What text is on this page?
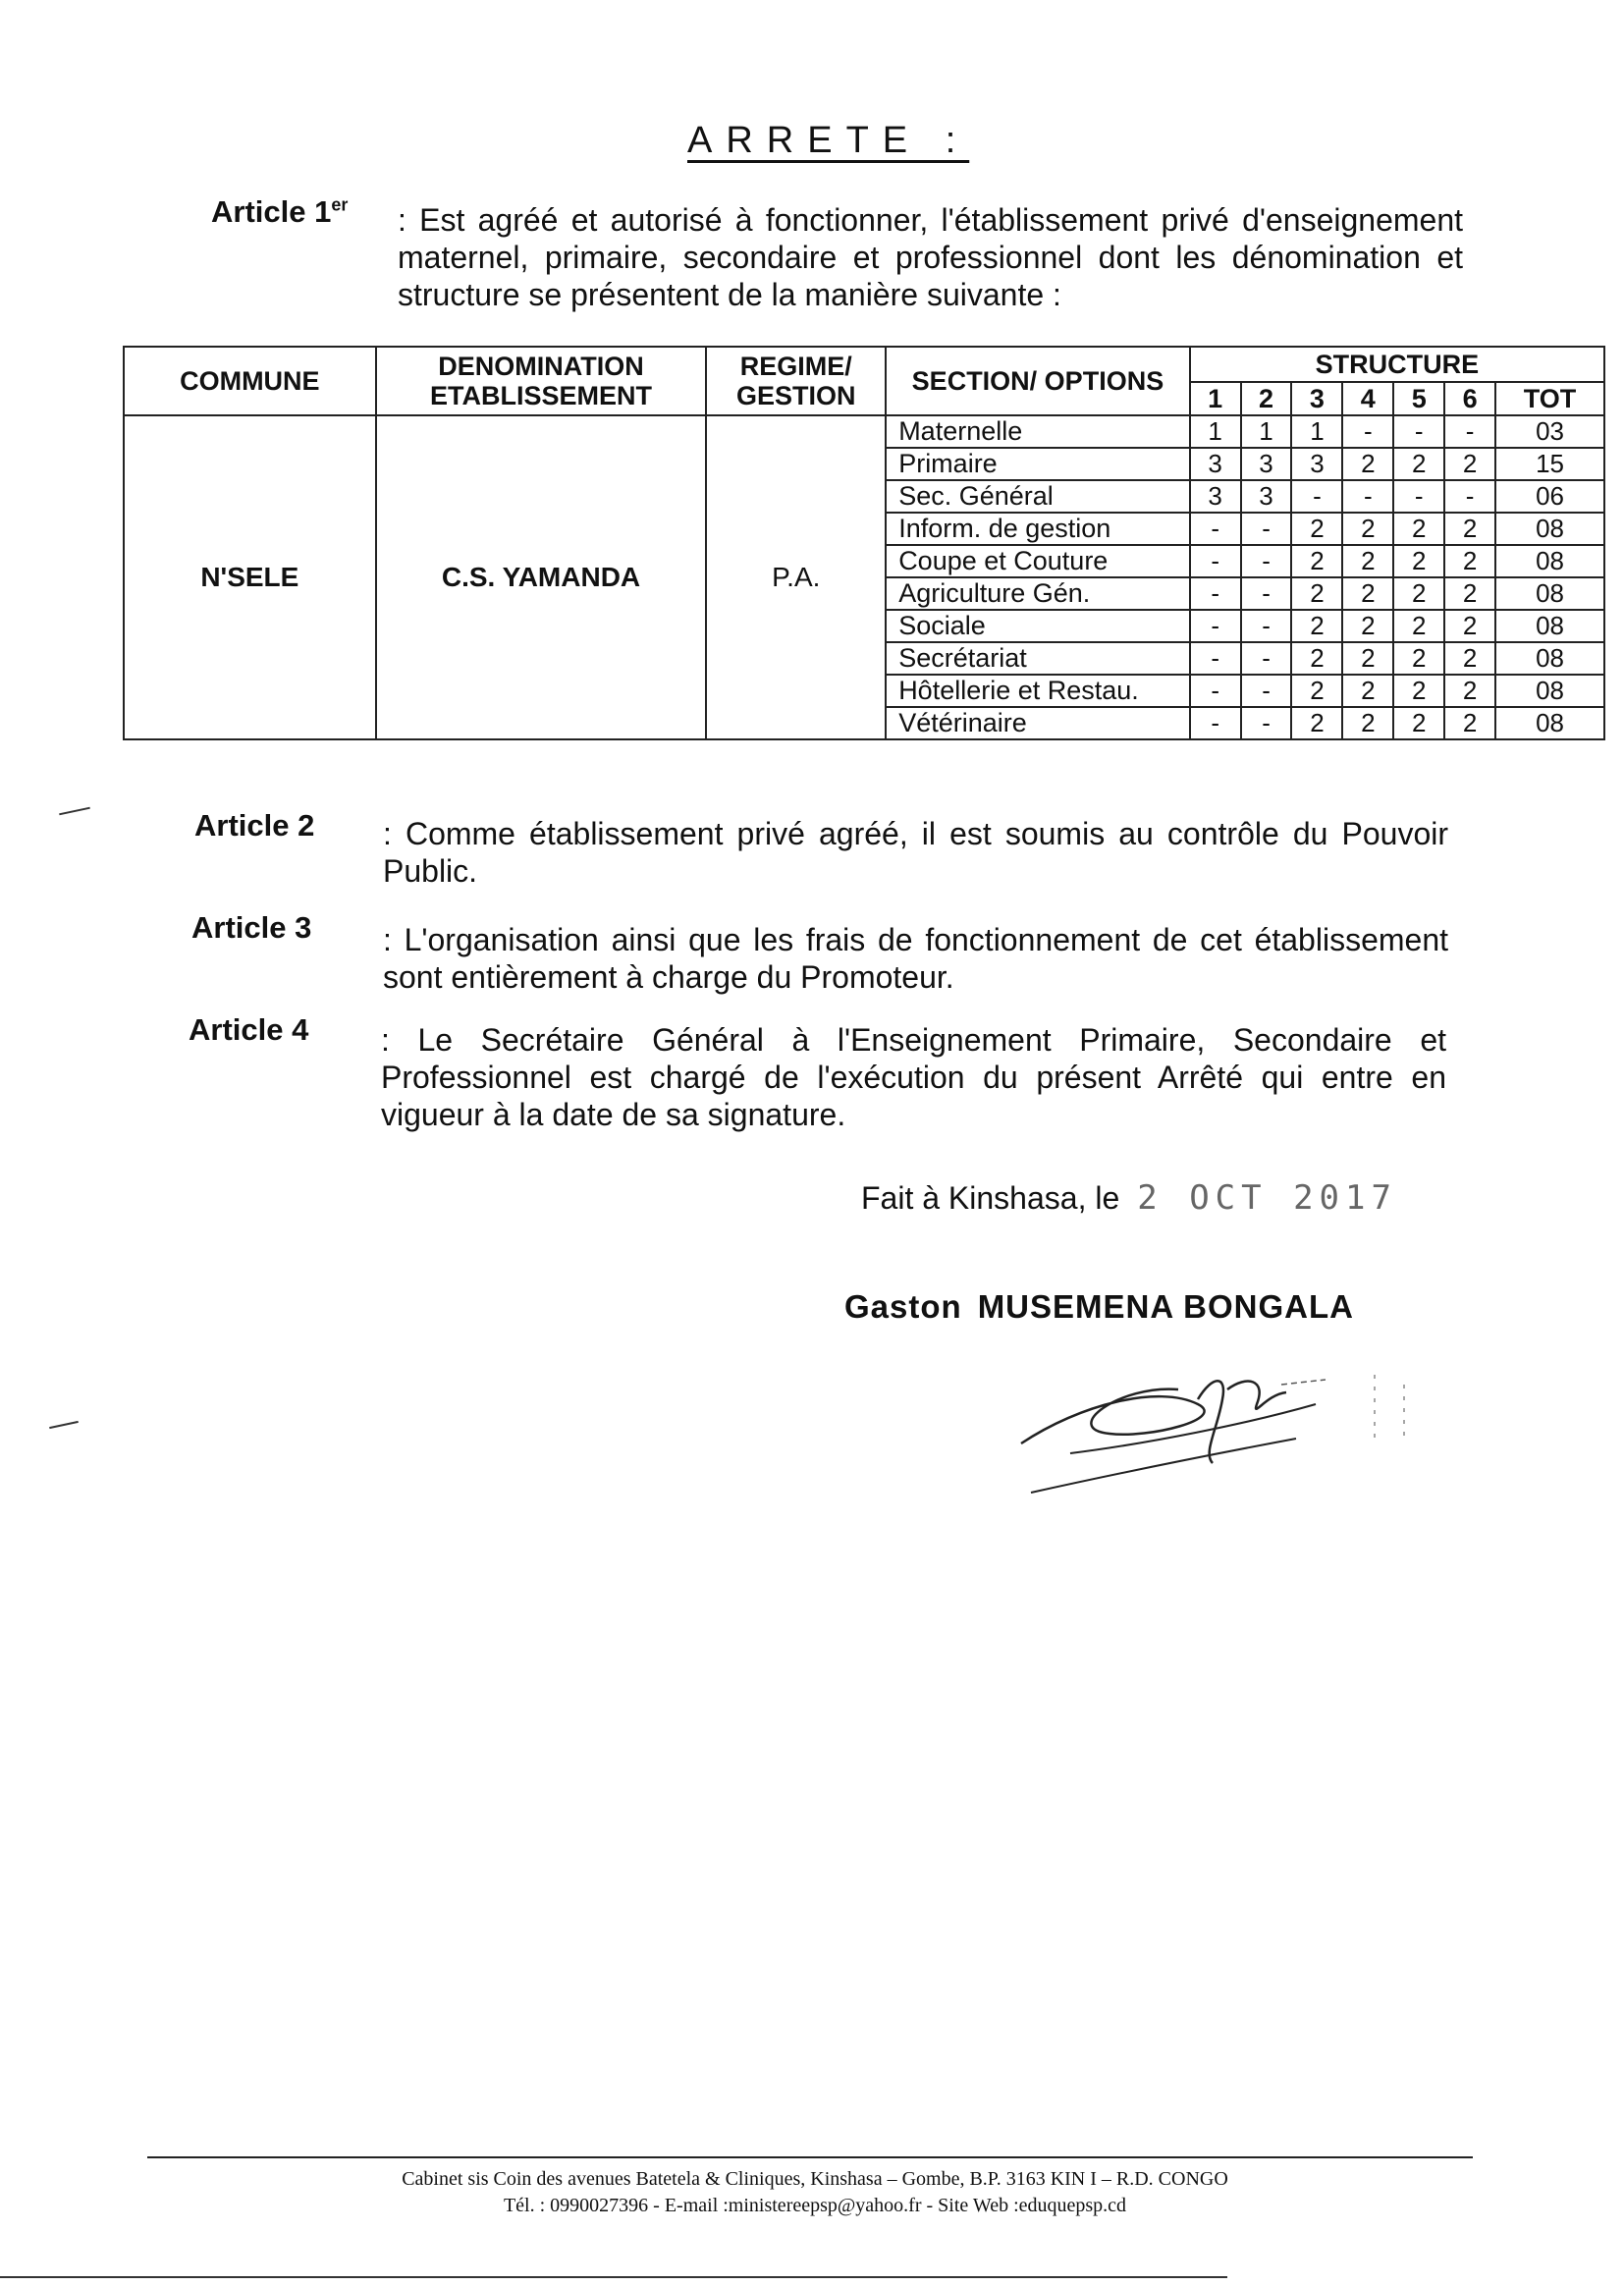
ARRETE :
Article 1er : Est agréé et autorisé à fonctionner, l'établissement privé d'enseignement maternel, primaire, secondaire et professionnel dont les dénomination et structure se présentent de la manière suivante :
COMMUNE	DENOMINATION ETABLISSEMENT	REGIME/ GESTION	SECTION/ OPTIONS	STRUCTURE						
				1	2	3	4	5	6	TOT
N'SELE	C.S. YAMANDA	P.A.	Maternelle	1	1	1	-	-	-	03
			Primaire	3	3	3	2	2	2	15
			Sec. Général	3	3	-	-	-	-	06
			Inform. de gestion	-	-	2	2	2	2	08
			Coupe et Couture	-	-	2	2	2	2	08
			Agriculture Gén.	-	-	2	2	2	2	08
			Sociale	-	-	2	2	2	2	08
			Secrétariat	-	-	2	2	2	2	08
			Hôtellerie et Restau.	-	-	2	2	2	2	08
			Vétérinaire	-	-	2	2	2	2	08
Article 2 : Comme établissement privé agréé, il est soumis au contrôle du Pouvoir Public.
Article 3 : L'organisation ainsi que les frais de fonctionnement de cet établissement sont entièrement à charge du Promoteur.
Article 4 : Le Secrétaire Général à l'Enseignement Primaire, Secondaire et Professionnel est chargé de l'exécution du présent Arrêté qui entre en vigueur à la date de sa signature.
Fait à Kinshasa, le 2 OCT 2017
Gaston MUSEMENA BONGALA
Cabinet sis Coin des avenues Batetela & Cliniques, Kinshasa – Gombe, B.P. 3163 KIN I – R.D. CONGO
Tél. : 0990027396 - E-mail :ministereepsp@yahoo.fr - Site Web :eduquepsp.cd
